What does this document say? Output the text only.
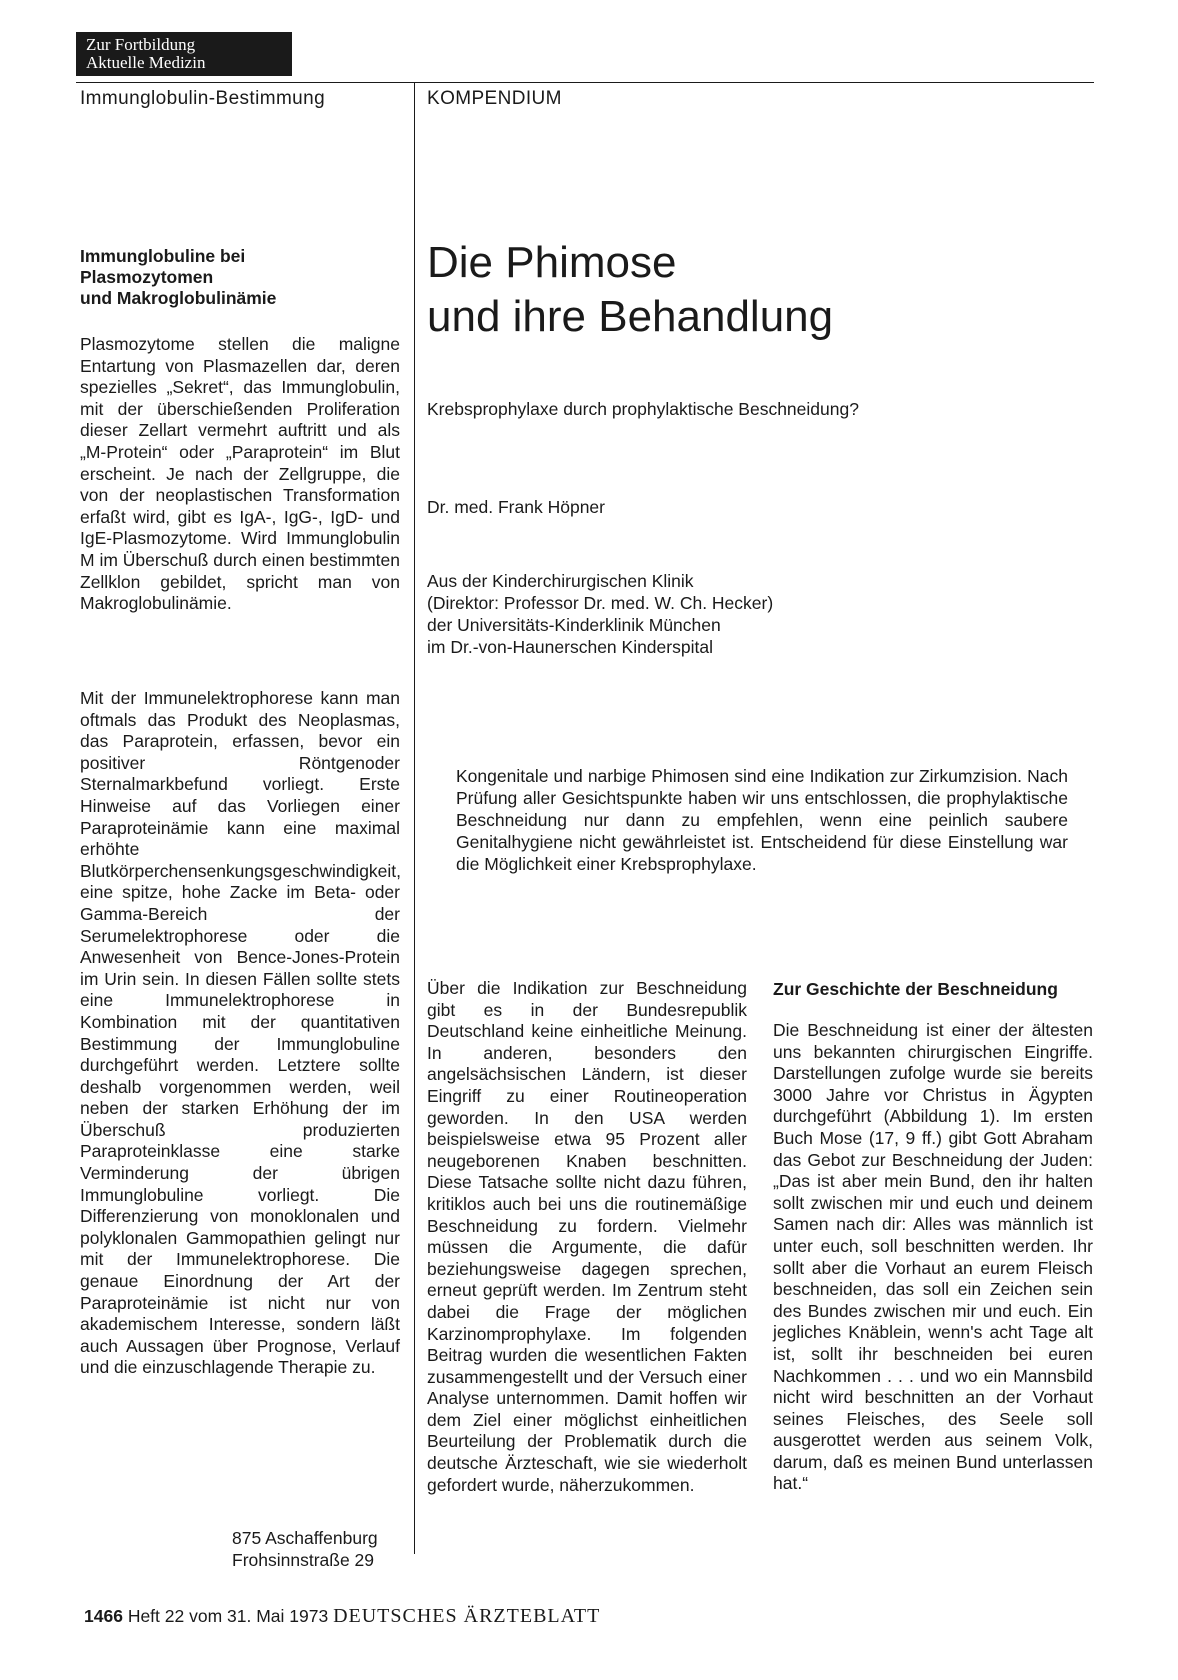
Zur Fortbildung
Aktuelle Medizin
Immunglobulin-Bestimmung	KOMPENDIUM
Immunglobuline bei
Plasmozytomen
und Makroglobulinämie

Plasmozytome stellen die maligne Entartung von Plasmazellen dar, deren spezielles „Sekret“, das Immunglobulin, mit der überschießenden Proliferation dieser Zellart vermehrt auftritt und als „M-Protein“ oder „Paraprotein“ im Blut erscheint. Je nach der Zellgruppe, die von der neoplastischen Transformation erfaßt wird, gibt es IgA-, IgG-, IgD- und IgE-Plasmozytome. Wird Immunglobulin M im Überschuß durch einen bestimmten Zellklon gebildet, spricht man von Makroglobulinämie.

Mit der Immunelektrophorese kann man oftmals das Produkt des Neoplasmas, das Paraprotein, erfassen, bevor ein positiver Röntgenoder Sternalmarkbefund vorliegt. Erste Hinweise auf das Vorliegen einer Paraproteinämie kann eine maximal erhöhte Blutkörperchensenkungsgeschwindigkeit, eine spitze, hohe Zacke im Beta- oder Gamma-Bereich der Serumelektrophorese oder die Anwesenheit von Bence-Jones-Protein im Urin sein. In diesen Fällen sollte stets eine Immunelektrophorese in Kombination mit der quantitativen Bestimmung der Immunglobuline durchgeführt werden. Letztere sollte deshalb vorgenommen werden, weil neben der starken Erhöhung der im Überschuß produzierten Paraproteinklasse eine starke Verminderung der übrigen Immunglobuline vorliegt. Die Differenzierung von monoklonalen und polyklonalen Gammopathien gelingt nur mit der Immunelektrophorese. Die genaue Einordnung der Art der Paraproteinämie ist nicht nur von akademischem Interesse, sondern läßt auch Aussagen über Prognose, Verlauf und die einzuschlagende Therapie zu.

875 Aschaffenburg
Frohsinnstraße 29
Die Phimose
und ihre Behandlung
Krebsprophylaxe durch prophylaktische Beschneidung?
Dr. med. Frank Höpner
Aus der Kinderchirurgischen Klinik
(Direktor: Professor Dr. med. W. Ch. Hecker)
der Universitäts-Kinderklinik München
im Dr.-von-Haunerschen Kinderspital

Kongenitale und narbige Phimosen sind eine Indikation zur Zirkumzision. Nach Prüfung aller Gesichtspunkte haben wir uns entschlossen, die prophylaktische Beschneidung nur dann zu empfehlen, wenn eine peinlich saubere Genitalhygiene nicht gewährleistet ist. Entscheidend für diese Einstellung war die Möglichkeit einer Krebsprophylaxe.

Über die Indikation zur Beschneidung gibt es in der Bundesrepublik Deutschland keine einheitliche Meinung. In anderen, besonders den angelsächsischen Ländern, ist dieser Eingriff zu einer Routineoperation geworden. In den USA werden beispielsweise etwa 95 Prozent aller neugeborenen Knaben beschnitten. Diese Tatsache sollte nicht dazu führen, kritiklos auch bei uns die routinemäßige Beschneidung zu fordern. Vielmehr müssen die Argumente, die dafür beziehungsweise dagegen sprechen, erneut geprüft werden. Im Zentrum steht dabei die Frage der möglichen Karzinomprophylaxe. Im folgenden Beitrag wurden die wesentlichen Fakten zusammengestellt und der Versuch einer Analyse unternommen. Damit hoffen wir dem Ziel einer möglichst einheitlichen Beurteilung der Problematik durch die deutsche Ärzteschaft, wie sie wiederholt gefordert wurde, näherzukommen.

Zur Geschichte der Beschneidung

Die Beschneidung ist einer der ältesten uns bekannten chirurgischen Eingriffe. Darstellungen zufolge wurde sie bereits 3000 Jahre vor Christus in Ägypten durchgeführt (Abbildung 1). Im ersten Buch Mose (17, 9 ff.) gibt Gott Abraham das Gebot zur Beschneidung der Juden: „Das ist aber mein Bund, den ihr halten sollt zwischen mir und euch und deinem Samen nach dir: Alles was männlich ist unter euch, soll beschnitten werden. Ihr sollt aber die Vorhaut an eurem Fleisch beschneiden, das soll ein Zeichen sein des Bundes zwischen mir und euch. Ein jegliches Knäblein, wenn's acht Tage alt ist, sollt ihr beschneiden bei euren Nachkommen . . . und wo ein Mannsbild nicht wird beschnitten an der Vorhaut seines Fleisches, des Seele soll ausgerottet werden aus seinem Volk, darum, daß es meinen Bund unterlassen hat.“

1466 Heft 22 vom 31. Mai 1973 DEUTSCHES ÄRZTEBLATT
